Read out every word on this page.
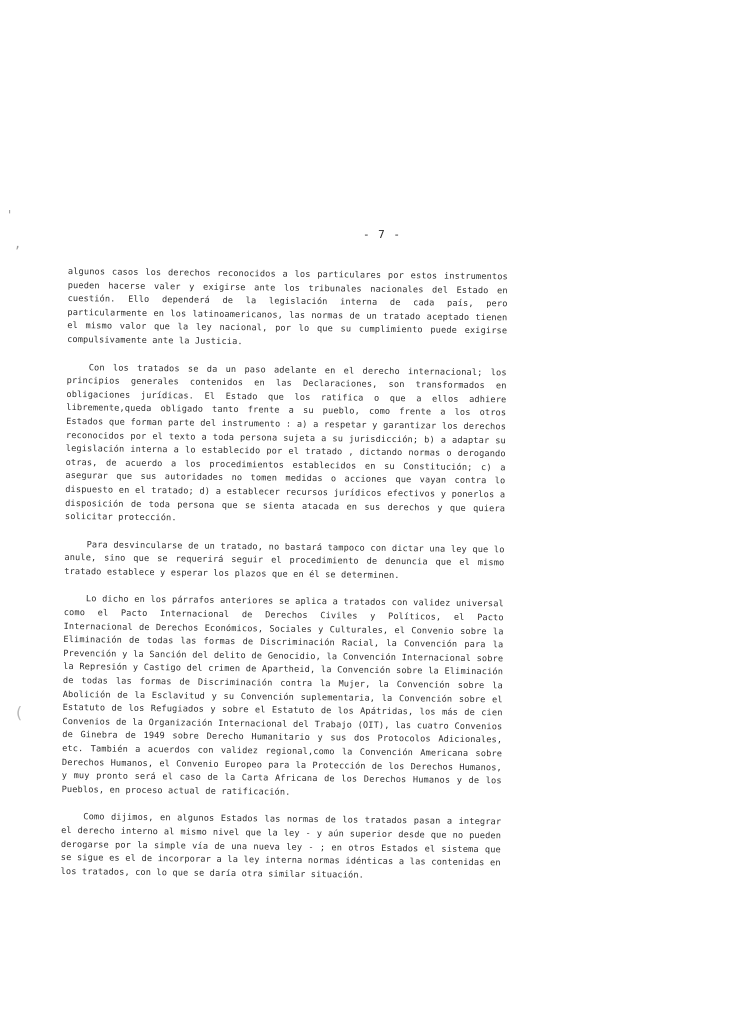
'
,
(
- 7 -

algunos casos los derechos reconocidos a los particulares por estos instrumentos pueden hacerse valer y exigirse ante los tribunales nacionales del Estado en cuestión. Ello dependerá de la legislación interna de cada país, pero particularmente en los latinoamericanos, las normas de un tratado aceptado tienen el mismo valor que la ley nacional, por lo que su cumplimiento puede exigirse compulsivamente ante la Justicia.

Con los tratados se da un paso adelante en el derecho internacional; los principios generales contenidos en las Declaraciones, son transformados en obligaciones jurídicas. El Estado que los ratifica o que a ellos adhiere libremente,queda obligado tanto frente a su pueblo, como frente a los otros Estados que forman parte del instrumento : a) a respetar y garantizar los derechos reconocidos por el texto a toda persona sujeta a su jurisdicción; b) a adaptar su legislación interna a lo establecido por el tratado , dictando normas o derogando otras, de acuerdo a los procedimientos establecidos en su Constitución; c) a asegurar que sus autoridades no tomen medidas o acciones que vayan contra lo dispuesto en el tratado; d) a establecer recursos jurídicos efectivos y ponerlos a disposición de toda persona que se sienta atacada en sus derechos y que quiera solicitar protección.

Para desvincularse de un tratado, no bastará tampoco con dictar una ley que lo anule, sino que se requerirá seguir el procedimiento de denuncia que el mismo tratado establece y esperar los plazos que en él se determinen.

Lo dicho en los párrafos anteriores se aplica a tratados con validez universal como el Pacto Internacional de Derechos Civiles y Políticos, el Pacto Internacional de Derechos Económicos, Sociales y Culturales, el Convenio sobre la Eliminación de todas las formas de Discriminación Racial, la Convención para la Prevención y la Sanción del delito de Genocidio, la Convención Internacional sobre la Represión y Castigo del crimen de Apartheid, la Convención sobre la Eliminación de todas las formas de Discriminación contra la Mujer, la Convención sobre la Abolición de la Esclavitud y su Convención suplementaria, la Convención sobre el Estatuto de los Refugiados y sobre el Estatuto de los Apátridas, los más de cien Convenios de la Organización Internacional del Trabajo (OIT), las cuatro Convenios de Ginebra de 1949 sobre Derecho Humanitario y sus dos Protocolos Adicionales, etc. También a acuerdos con validez regional,como la Convención Americana sobre Derechos Humanos, el Convenio Europeo para la Protección de los Derechos Humanos, y muy pronto será el caso de la Carta Africana de los Derechos Humanos y de los Pueblos, en proceso actual de ratificación.

Como dijimos, en algunos Estados las normas de los tratados pasan a integrar el derecho interno al mismo nivel que la ley - y aún superior desde que no pueden derogarse por la simple vía de una nueva ley - ; en otros Estados el sistema que se sigue es el de incorporar a la ley interna normas idénticas a las contenidas en los tratados, con lo que se daría otra similar situación.
